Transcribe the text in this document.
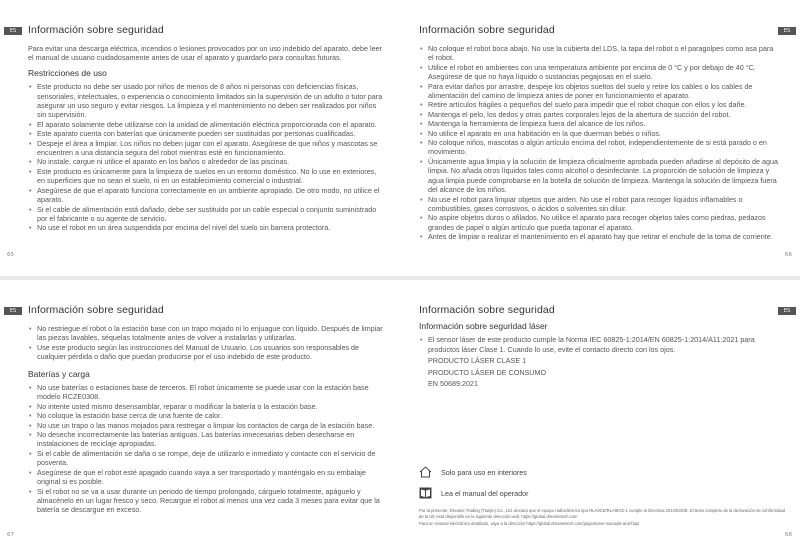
ES	Información sobre seguridad
Para evitar una descarga eléctrica, incendios o lesiones provocados por un uso indebido del aparato, debe leer el manual de usuario cuidadosamente antes de usar el aparato y guardarlo para consultas futuras.
Restricciones de uso
• Este producto no debe ser usado por niños de menos de 8 años ni personas con deficiencias físicas, sensoriales, intelectuales, o experiencia o conocimiento limitados sin la supervisión de un adulto o tutor para asegurar un uso seguro y evitar riesgos. La limpieza y el mantenimiento no deben ser realizados por niños sin supervisión.
• El aparato solamente debe utilizarse con la unidad de alimentación eléctrica proporcionada con el aparato.
• Este aparato cuenta con baterías que únicamente pueden ser sustituidas por personas cualificadas.
• Despeje el área a limpiar. Los niños no deben jugar con el aparato. Asegúrese de que niños y mascotas se encuentren a una distancia segura del robot mientras esté en funcionamiento.
• No instale, cargue ni utilice el aparato en los baños o alrededor de las piscinas.
• Este producto es únicamente para la limpieza de suelos en un entorno doméstico. No lo use en exteriores, en superficies que no sean el suelo, ni en un establecimiento comercial o industrial.
• Asegúrese de que el aparato funciona correctamente en un ambiente apropiado. De otro modo, no utilice el aparato.
• Si el cable de alimentación está dañado, debe ser sustituido por un cable especial o conjunto suministrado por el fabricante o su agente de servicio.
• No use el robot en un área suspendida por encima del nivel del suelo sin barrera protectora.
65
ES
Información sobre seguridad
• No coloque el robot boca abajo. No use la cubierta del LDS, la tapa del robot o el paragolpes como asa para el robot.
• Utilice el robot en ambientes con una temperatura ambiente por encima de 0 °C y por debajo de 40 °C. Asegúrese de que no haya líquido o sustancias pegajosas en el suelo.
• Para evitar daños por arrastre, despeje los objetos sueltos del suelo y retire los cables o los cables de alimentación del camino de limpieza antes de poner en funcionamiento el aparato.
• Retire artículos frágiles o pequeños del suelo para impedir que el robot choque con ellos y los dañe.
• Mantenga el pelo, los dedos y otras partes corporales lejos de la abertura de succión del robot.
• Mantenga la herramienta de limpieza fuera del alcance de los niños.
• No utilice el aparato en una habitación en la que duerman bebés o niños.
• No coloque niños, mascotas o algún artículo encima del robot, independientemente de si está parado o en movimiento.
• Únicamente agua limpia y la solución de limpieza oficialmente aprobada pueden añadirse al depósito de agua limpia. No añada otros líquidos tales como alcohol o desinfectante. La proporción de solución de limpieza y agua limpia puede comprobarse en la botella de solución de limpieza. Mantenga la solución de limpieza fuera del alcance de los niños.
• No use el robot para limpiar objetos que arden. No use el robot para recoger líquidos inflamables o combustibles, gases corrosivos, o ácidos o solventes sin diluir.
• No aspire objetos duros o afilados. No utilice el aparato para recoger objetos tales como piedras, pedazos grandes de papel o algún artículo que pueda taponar el aparato.
• Antes de limpiar o realizar el mantenimiento en el aparato hay que retirar el enchufe de la toma de corriente.
66
ES	Información sobre seguridad
• No restriegue el robot o la estación base con un trapo mojado ni lo enjuague con líquido. Después de limpiar las piezas lavables, séquelas totalmente antes de volver a instalarlas y utilizarlas.
• Use este producto según las instrucciones del Manual de Usuario. Los usuarios son responsables de cualquier pérdida o daño que puedan producirse por el uso indebido de este producto.
Baterías y carga
• No use baterías o estaciones base de terceros. El robot únicamente se puede usar con la estación base modelo RCZE0308.
• No intente usted mismo desensamblar, reparar o modificar la batería o la estación base.
• No coloque la estación base cerca de una fuente de calor.
• No use un trapo o las manos mojados para restregar o limpiar los contactos de carga de la estación base.
• No deseche incorrectamente las baterías antiguas. Las baterías innecesarias deben desecharse en instalaciones de reciclaje apropiadas.
• Si el cable de alimentación se daña o se rompe, deje de utilizarlo e inmediato y contacte con el servicio de posventa.
• Asegúrese de que el robot esté apagado cuando vaya a ser transportado y manténgalo en su embalaje original si es posible.
• Si el robot no se va a usar durante un periodo de tiempo prolongado, cárguelo totalmente, apáguelo y almacénelo en un lugar fresco y seco. Recargue el robot al menos una vez cada 3 meses para evitar que la batería se descargue en exceso.
67
ES
Información sobre seguridad
Información sobre seguridad láser
• El sensor láser de este producto cumple la Norma IEC 60825-1:2014/EN 60825-1:2014/A11:2021 para productos láser Clase 1. Cuando lo use, evite el contacto directo con los ojos.
PRODUCTO LÁSER CLASE 1
PRODUCTO LÁSER DE CONSUMO
EN 50689:2021
Solo para uso en interiores
Lea el manual del operador
Por la presente, Dreame Trading (Tianjin) Co., Ltd. declara que el equipo radioeléctrico tipo RLA9CE/RLA9ICE-1 cumple la Directiva 2014/53/UE. El texto completo de la declaración de conformidad de la UE está disponible en la siguiente dirección web: https://global.dreametech.com
Para un manual electrónico detallado, vaya a la dirección https://global.dreametech.com/pages/user-manuals-and-faqs
68
